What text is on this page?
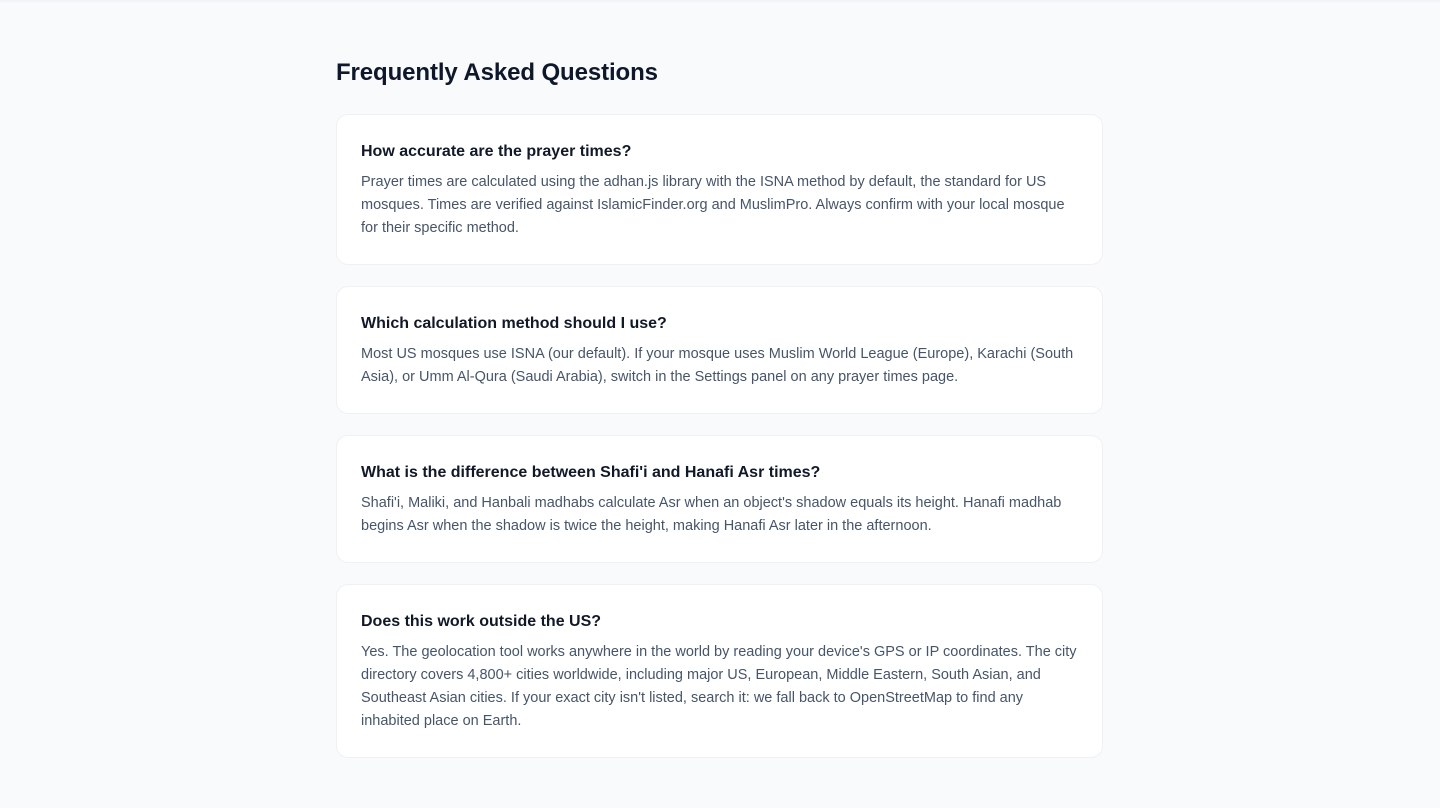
Frequently Asked Questions
How accurate are the prayer times?

Prayer times are calculated using the adhan.js library with the ISNA method by default, the standard for US mosques. Times are verified against IslamicFinder.org and MuslimPro. Always confirm with your local mosque for their specific method.

Which calculation method should I use?

Most US mosques use ISNA (our default). If your mosque uses Muslim World League (Europe), Karachi (South Asia), or Umm Al-Qura (Saudi Arabia), switch in the Settings panel on any prayer times page.

What is the difference between Shafi'i and Hanafi Asr times?

Shafi'i, Maliki, and Hanbali madhabs calculate Asr when an object's shadow equals its height. Hanafi madhab begins Asr when the shadow is twice the height, making Hanafi Asr later in the afternoon.

Does this work outside the US?

Yes. The geolocation tool works anywhere in the world by reading your device's GPS or IP coordinates. The city directory covers 4,800+ cities worldwide, including major US, European, Middle Eastern, South Asian, and Southeast Asian cities. If your exact city isn't listed, search it: we fall back to OpenStreetMap to find any inhabited place on Earth.
